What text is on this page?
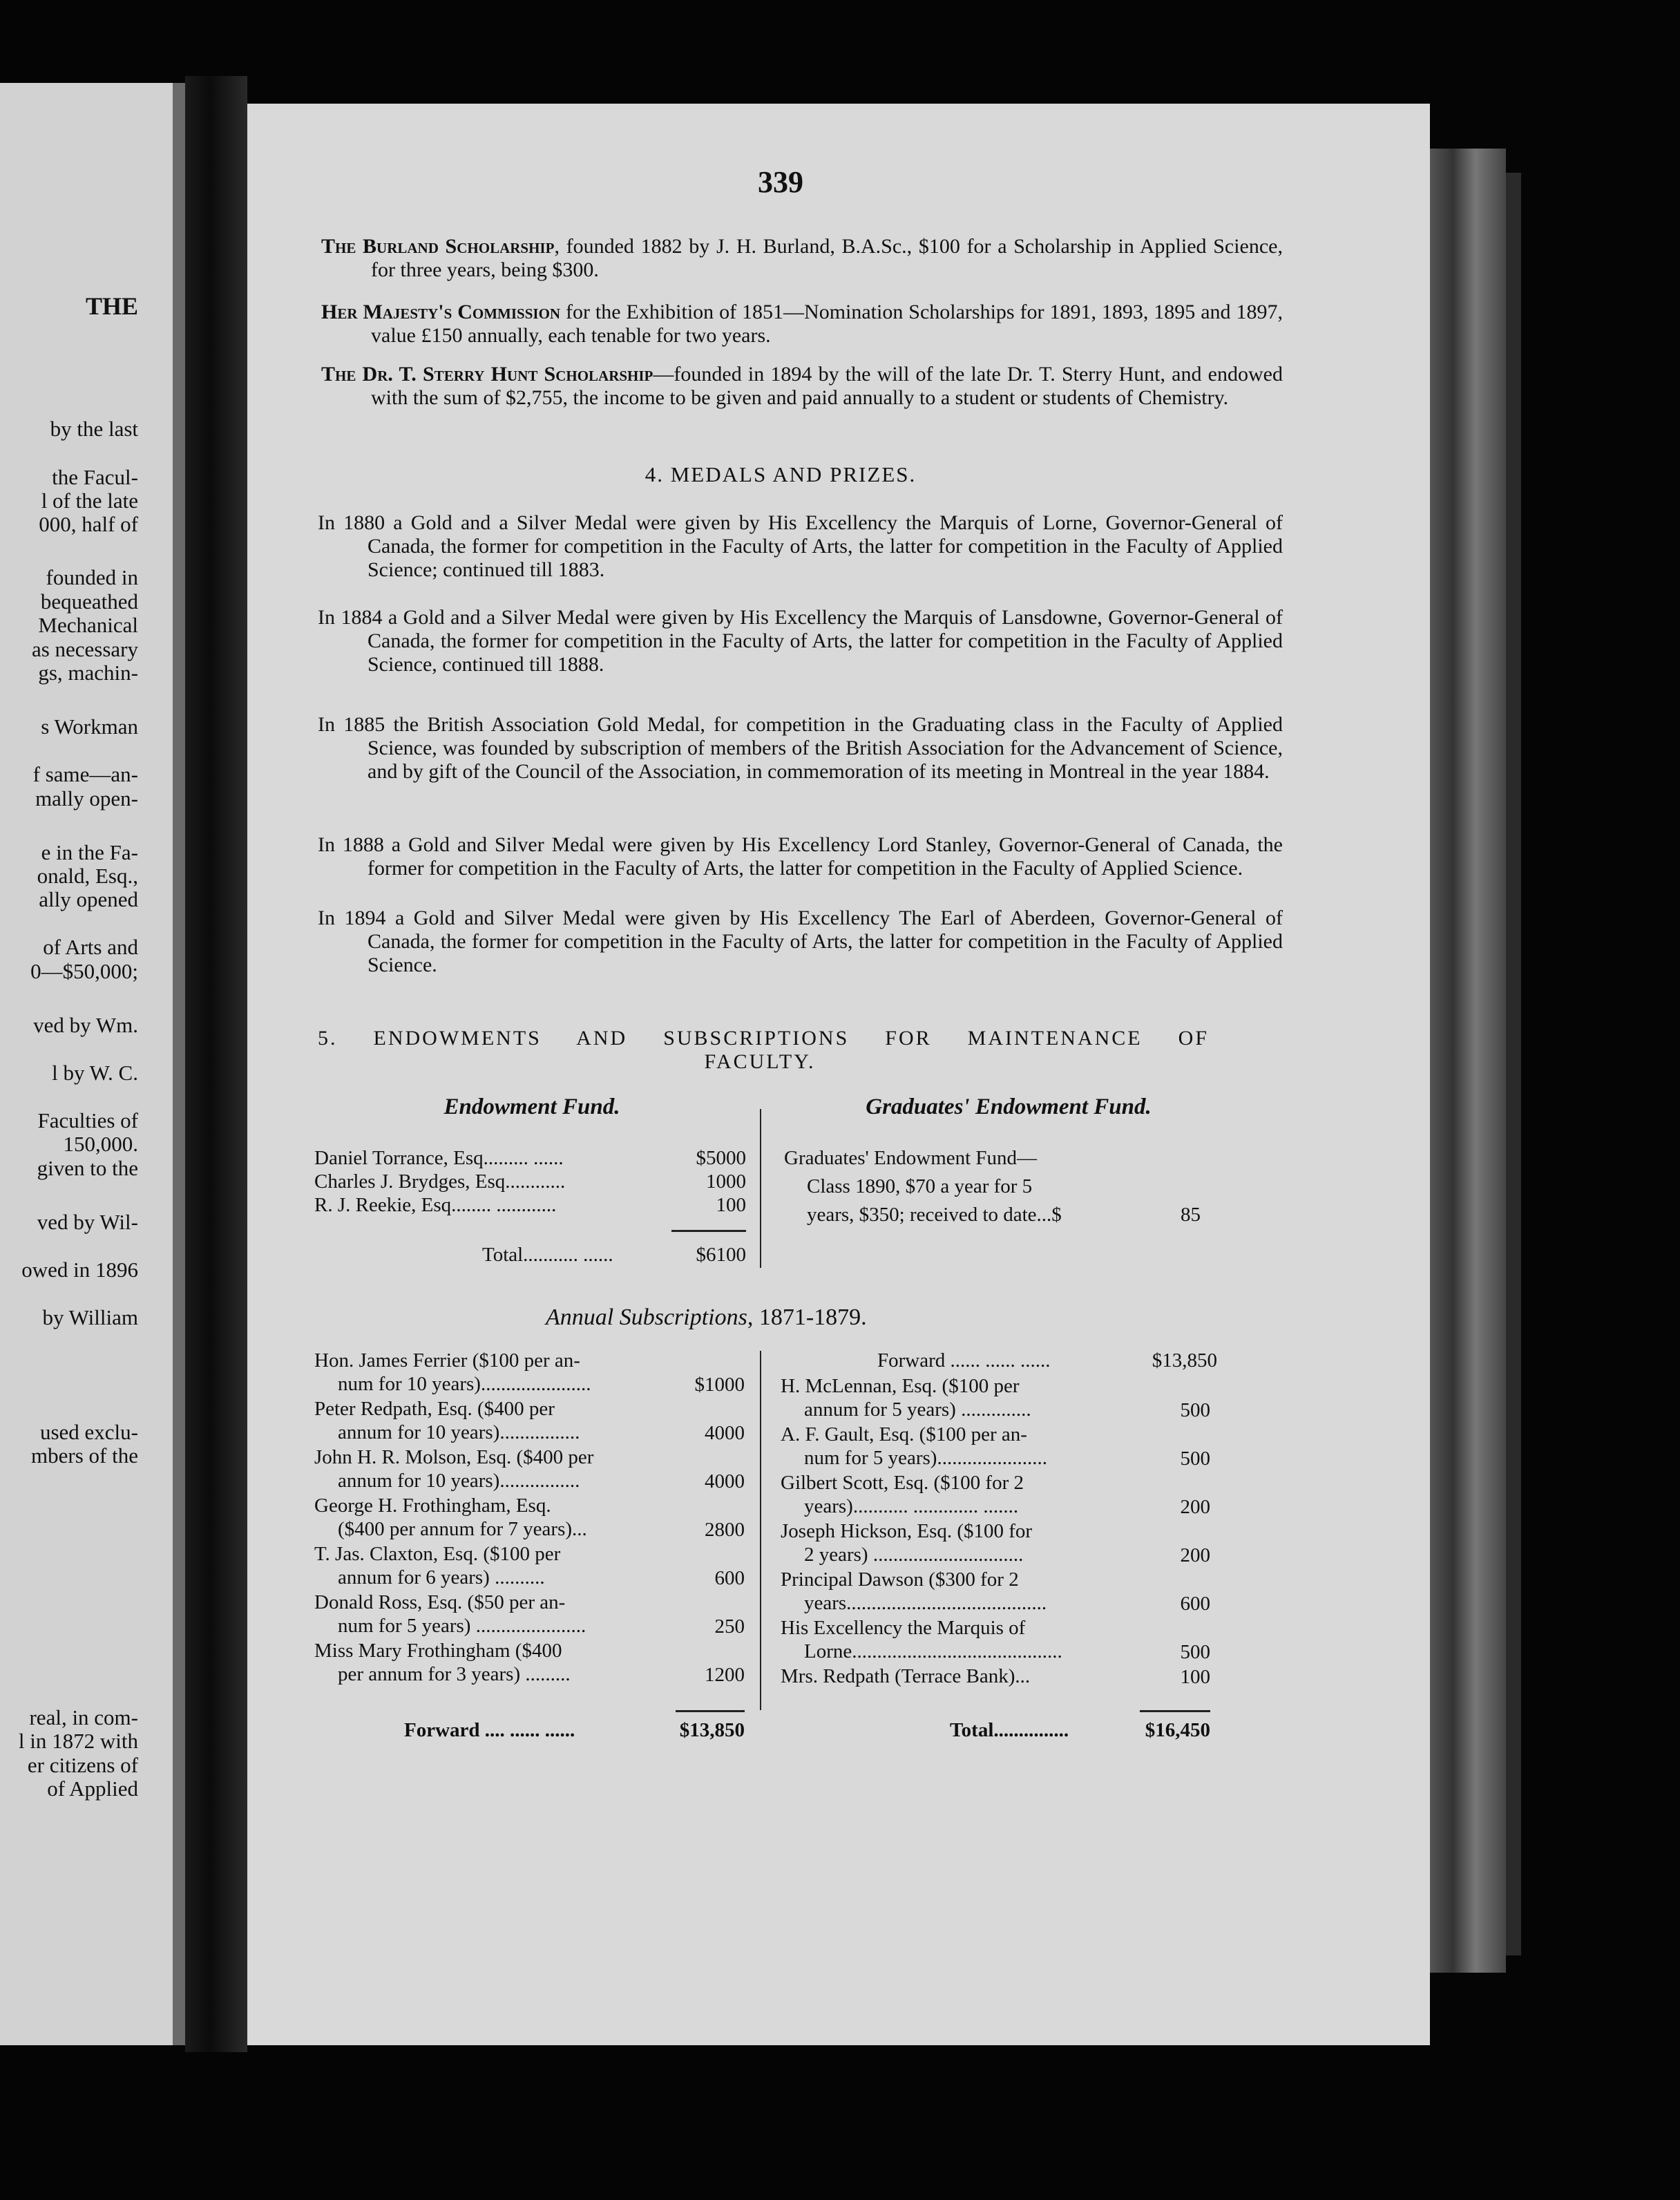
THE
by the last
the Facul-
l of the late
000, half of
founded in
bequeathed
Mechanical
as necessary
gs, machin-
s Workman
f same—an-
mally open-
e in the Fa-
onald, Esq.,
ally opened
of Arts and
0—$50,000;
ved by Wm.
l by W. C.
Faculties of
150,000.
given to the
ved by Wil-
owed in 1896
by William
used exclu-
mbers of the
real, in com-
l in 1872 with
er citizens of
of Applied
339
The Burland Scholarship, founded 1882 by J. H. Burland, B.A.Sc., $100 for a Scholarship in Applied Science, for three years, being $300.
Her Majesty's Commission for the Exhibition of 1851—Nomination Scholarships for 1891, 1893, 1895 and 1897, value £150 annually, each tenable for two years.
The Dr. T. Sterry Hunt Scholarship—founded in 1894 by the will of the late Dr. T. Sterry Hunt, and endowed with the sum of $2,755, the income to be given and paid annually to a student or students of Chemistry.
4. MEDALS AND PRIZES.
In 1880 a Gold and a Silver Medal were given by His Excellency the Marquis of Lorne, Governor-General of Canada, the former for competition in the Faculty of Arts, the latter for competition in the Faculty of Applied Science; continued till 1883.
In 1884 a Gold and a Silver Medal were given by His Excellency the Marquis of Lansdowne, Governor-General of Canada, the former for competition in the Faculty of Arts, the latter for competition in the Faculty of Applied Science, continued till 1888.
In 1885 the British Association Gold Medal, for competition in the Graduating class in the Faculty of Applied Science, was founded by subscription of members of the British Association for the Advancement of Science, and by gift of the Council of the Association, in commemoration of its meeting in Montreal in the year 1884.
In 1888 a Gold and Silver Medal were given by His Excellency Lord Stanley, Governor-General of Canada, the former for competition in the Faculty of Arts, the latter for competition in the Faculty of Applied Science.
In 1894 a Gold and Silver Medal were given by His Excellency The Earl of Aberdeen, Governor-General of Canada, the former for competition in the Faculty of Arts, the latter for competition in the Faculty of Applied Science.
5. ENDOWMENTS AND SUBSCRIPTIONS FOR MAINTENANCE OF
FACULTY.
Endowment Fund.
Daniel Torrance, Esq......... ......	$5000
Charles J. Brydges, Esq............	1000
R. J. Reekie, Esq........ ............	100
Total........... ......	$6100
Graduates' Endowment Fund.
Graduates' Endowment Fund—
Class 1890, $70 a year for 5
years, $350; received to date...$	85
Annual Subscriptions, 1871-1879.
Hon. James Ferrier ($100 per an-
num for 10 years)......................	$1000
Peter Redpath, Esq. ($400 per
annum for 10 years)................	4000
John H. R. Molson, Esq. ($400 per
annum for 10 years)................	4000
George H. Frothingham, Esq.
($400 per annum for 7 years)...	2800
T. Jas. Claxton, Esq. ($100 per
annum for 6 years) ..........	600
Donald Ross, Esq. ($50 per an-
num for 5 years) ......................	250
Miss Mary Frothingham ($400
per annum for 3 years) .........	1200
Forward .... ...... ......	$13,850
Forward ...... ...... ......	$13,850
H. McLennan, Esq. ($100 per
annum for 5 years) ..............	500
A. F. Gault, Esq. ($100 per an-
num for 5 years)......................	500
Gilbert Scott, Esq. ($100 for 2
years)........... ............. .......	200
Joseph Hickson, Esq. ($100 for
2 years) ..............................	200
Principal Dawson ($300 for 2
years........................................	600
His Excellency the Marquis of
Lorne..........................................	500
Mrs. Redpath (Terrace Bank)...	100
Total...............	$16,450
